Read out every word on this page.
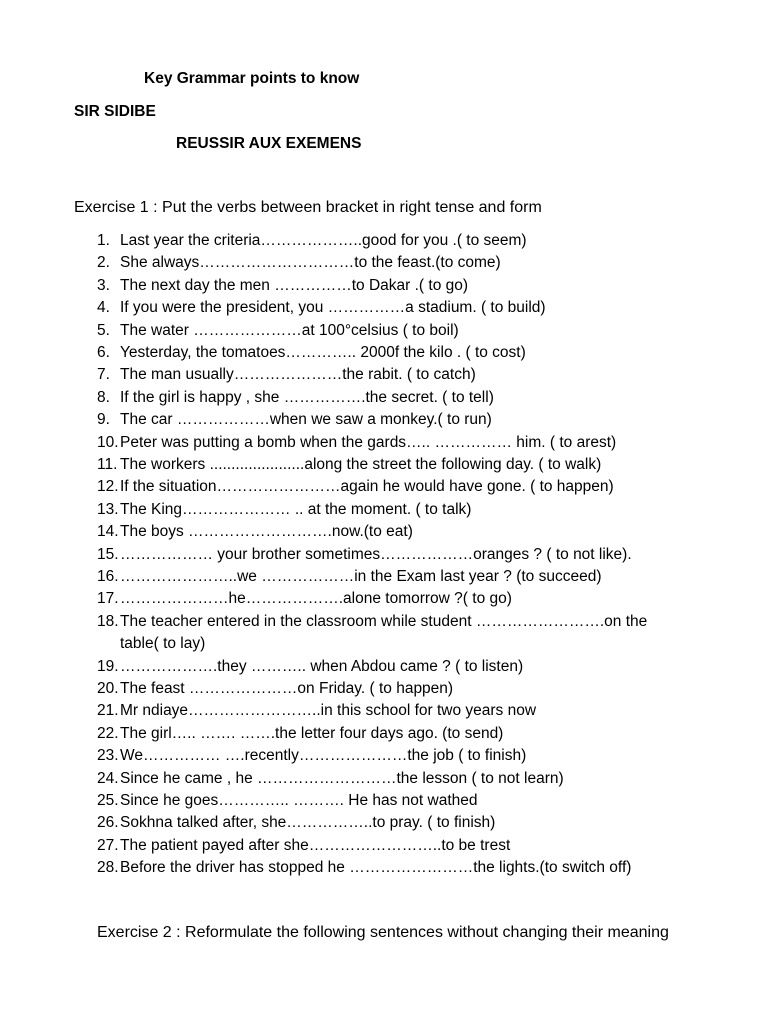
Key Grammar points to know
SIR SIDIBE
REUSSIR AUX EXEMENS
Exercise 1 : Put the verbs between bracket in right tense and form
1. Last year the criteria………………..good for you .( to seem)
2. She always…………………………to the feast.(to come)
3. The next day the men ……………to Dakar .( to go)
4. If you were the president, you ……………a stadium. ( to build)
5. The water …………………at 100°celsius ( to boil)
6. Yesterday, the tomatoes………….. 2000f the kilo . ( to cost)
7. The man usually…………………the rabit. ( to catch)
8. If the girl is happy , she …………….the secret. ( to tell)
9. The car ………………when we saw a monkey.( to run)
10. Peter was putting a bomb when the gards….. …………… him. ( to arest)
11. The workers ......................along the street the following day. ( to walk)
12. If the situation……………………again he would have gone. ( to happen)
13. The King………………… .. at the moment. ( to talk)
14. The boys ……………………….now.(to eat)
15. ……………… your brother sometimes………………oranges ? ( to not like).
16. …………………..we ………………in the Exam last year ? (to succeed)
17. …………………he……………….alone tomorrow ?( to go)
18. The teacher entered in the classroom while student …………………….on the table( to lay)
19. ……………….they ……….. when Abdou came ? ( to listen)
20. The feast …………………on Friday. ( to happen)
21. Mr ndiaye……………………..in this school for two years now
22. The girl….. ……. …….the letter four days ago. (to send)
23. We…………… ….recently…………………the job ( to finish)
24. Since he came , he ………………………the lesson ( to not learn)
25. Since he goes………….. ………. He has not wathed
26. Sokhna talked after, she……………..to pray. ( to finish)
27. The patient payed after she……………………..to be trest
28. Before the driver has stopped he ……………………the lights.(to switch off)
Exercise 2 : Reformulate the following sentences without changing their meaning
